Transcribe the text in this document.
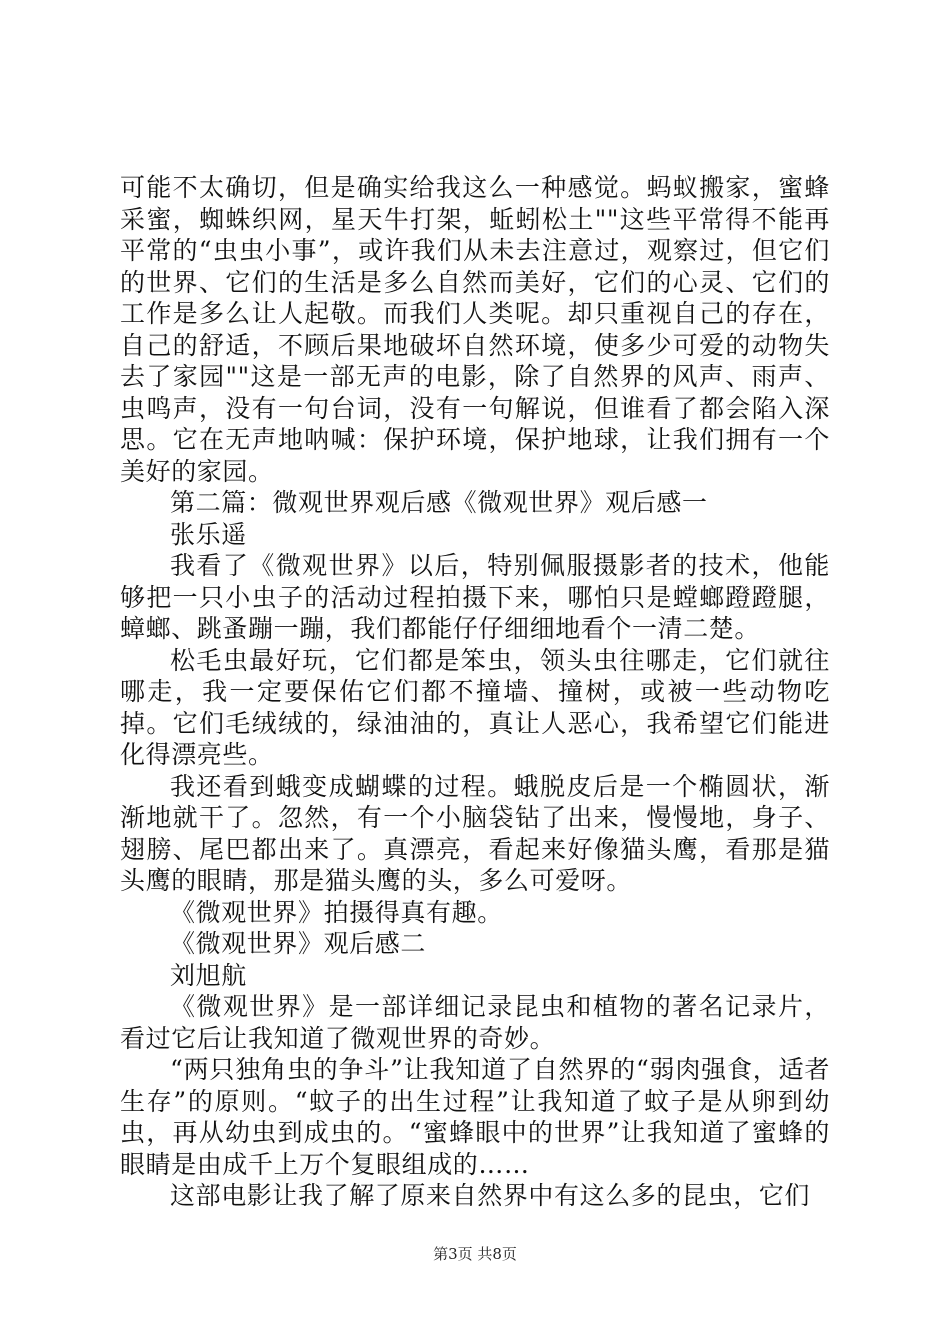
可能不太确切，但是确实给我这么一种感觉。蚂蚁搬家，蜜蜂采蜜，蜘蛛织网，星天牛打架，蚯蚓松土""这些平常得不能再平常的“虫虫小事”，或许我们从未去注意过，观察过，但它们的世界、它们的生活是多么自然而美好，它们的心灵、它们的工作是多么让人起敬。而我们人类呢。却只重视自己的存在，自己的舒适，不顾后果地破坏自然环境，使多少可爱的动物失去了家园""这是一部无声的电影，除了自然界的风声、雨声、虫鸣声，没有一句台词，没有一句解说，但谁看了都会陷入深思。它在无声地呐喊：保护环境，保护地球，让我们拥有一个美好的家园。

第二篇：微观世界观后感《微观世界》观后感一

张乐遥

我看了《微观世界》以后，特别佩服摄影者的技术，他能够把一只小虫子的活动过程拍摄下来，哪怕只是螳螂蹬蹬腿，蟑螂、跳蚤蹦一蹦，我们都能仔仔细细地看个一清二楚。

松毛虫最好玩，它们都是笨虫，领头虫往哪走，它们就往哪走，我一定要保佑它们都不撞墙、撞树，或被一些动物吃掉。它们毛绒绒的，绿油油的，真让人恶心，我希望它们能进化得漂亮些。

我还看到蛾变成蝴蝶的过程。蛾脱皮后是一个椭圆状，渐渐地就干了。忽然，有一个小脑袋钻了出来，慢慢地，身子、翅膀、尾巴都出来了。真漂亮，看起来好像猫头鹰，看那是猫头鹰的眼睛，那是猫头鹰的头，多么可爱呀。

《微观世界》拍摄得真有趣。

《微观世界》观后感二

刘旭航

《微观世界》是一部详细记录昆虫和植物的著名记录片，看过它后让我知道了微观世界的奇妙。

“两只独角虫的争斗”让我知道了自然界的“弱肉强食，适者生存”的原则。“蚊子的出生过程”让我知道了蚊子是从卵到幼虫，再从幼虫到成虫的。“蜜蜂眼中的世界”让我知道了蜜蜂的眼睛是由成千上万个复眼组成的……

这部电影让我了解了原来自然界中有这么多的昆虫，它们

第3页 共8页
